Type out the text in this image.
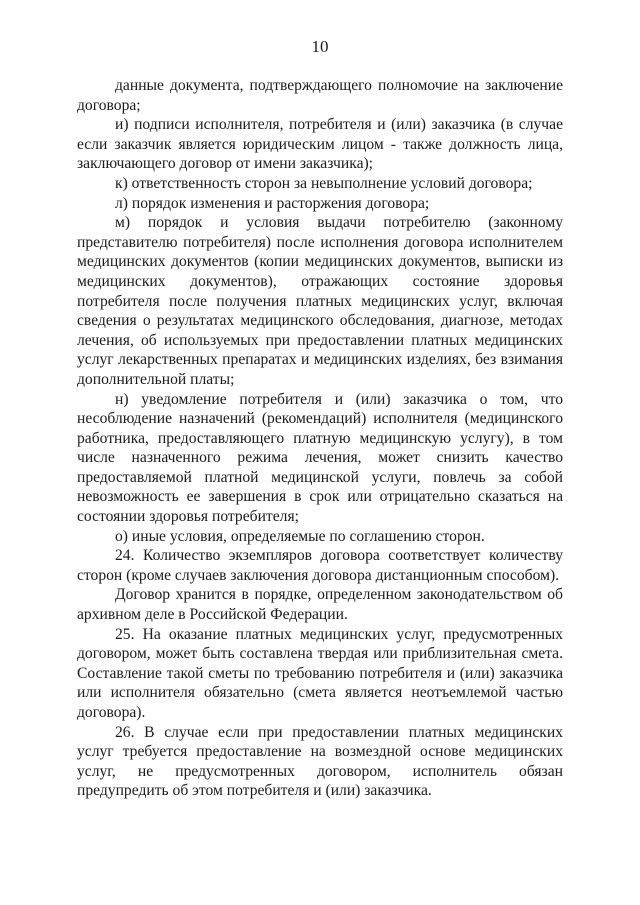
10

данные документа, подтверждающего полномочие на заключение договора;

и) подписи исполнителя, потребителя и (или) заказчика (в случае если заказчик является юридическим лицом - также должность лица, заключающего договор от имени заказчика);

к) ответственность сторон за невыполнение условий договора;

л) порядок изменения и расторжения договора;

м) порядок и условия выдачи потребителю (законному представителю потребителя) после исполнения договора исполнителем медицинских документов (копии медицинских документов, выписки из медицинских документов), отражающих состояние здоровья потребителя после получения платных медицинских услуг, включая сведения о результатах медицинского обследования, диагнозе, методах лечения, об используемых при предоставлении платных медицинских услуг лекарственных препаратах и медицинских изделиях, без взимания дополнительной платы;

н) уведомление потребителя и (или) заказчика о том, что несоблюдение назначений (рекомендаций) исполнителя (медицинского работника, предоставляющего платную медицинскую услугу), в том числе назначенного режима лечения, может снизить качество предоставляемой платной медицинской услуги, повлечь за собой невозможность ее завершения в срок или отрицательно сказаться на состоянии здоровья потребителя;

о) иные условия, определяемые по соглашению сторон.

24. Количество экземпляров договора соответствует количеству сторон (кроме случаев заключения договора дистанционным способом).

Договор хранится в порядке, определенном законодательством об архивном деле в Российской Федерации.

25. На оказание платных медицинских услуг, предусмотренных договором, может быть составлена твердая или приблизительная смета. Составление такой сметы по требованию потребителя и (или) заказчика или исполнителя обязательно (смета является неотъемлемой частью договора).

26. В случае если при предоставлении платных медицинских услуг требуется предоставление на возмездной основе медицинских услуг, не предусмотренных договором, исполнитель обязан предупредить об этом потребителя и (или) заказчика.
